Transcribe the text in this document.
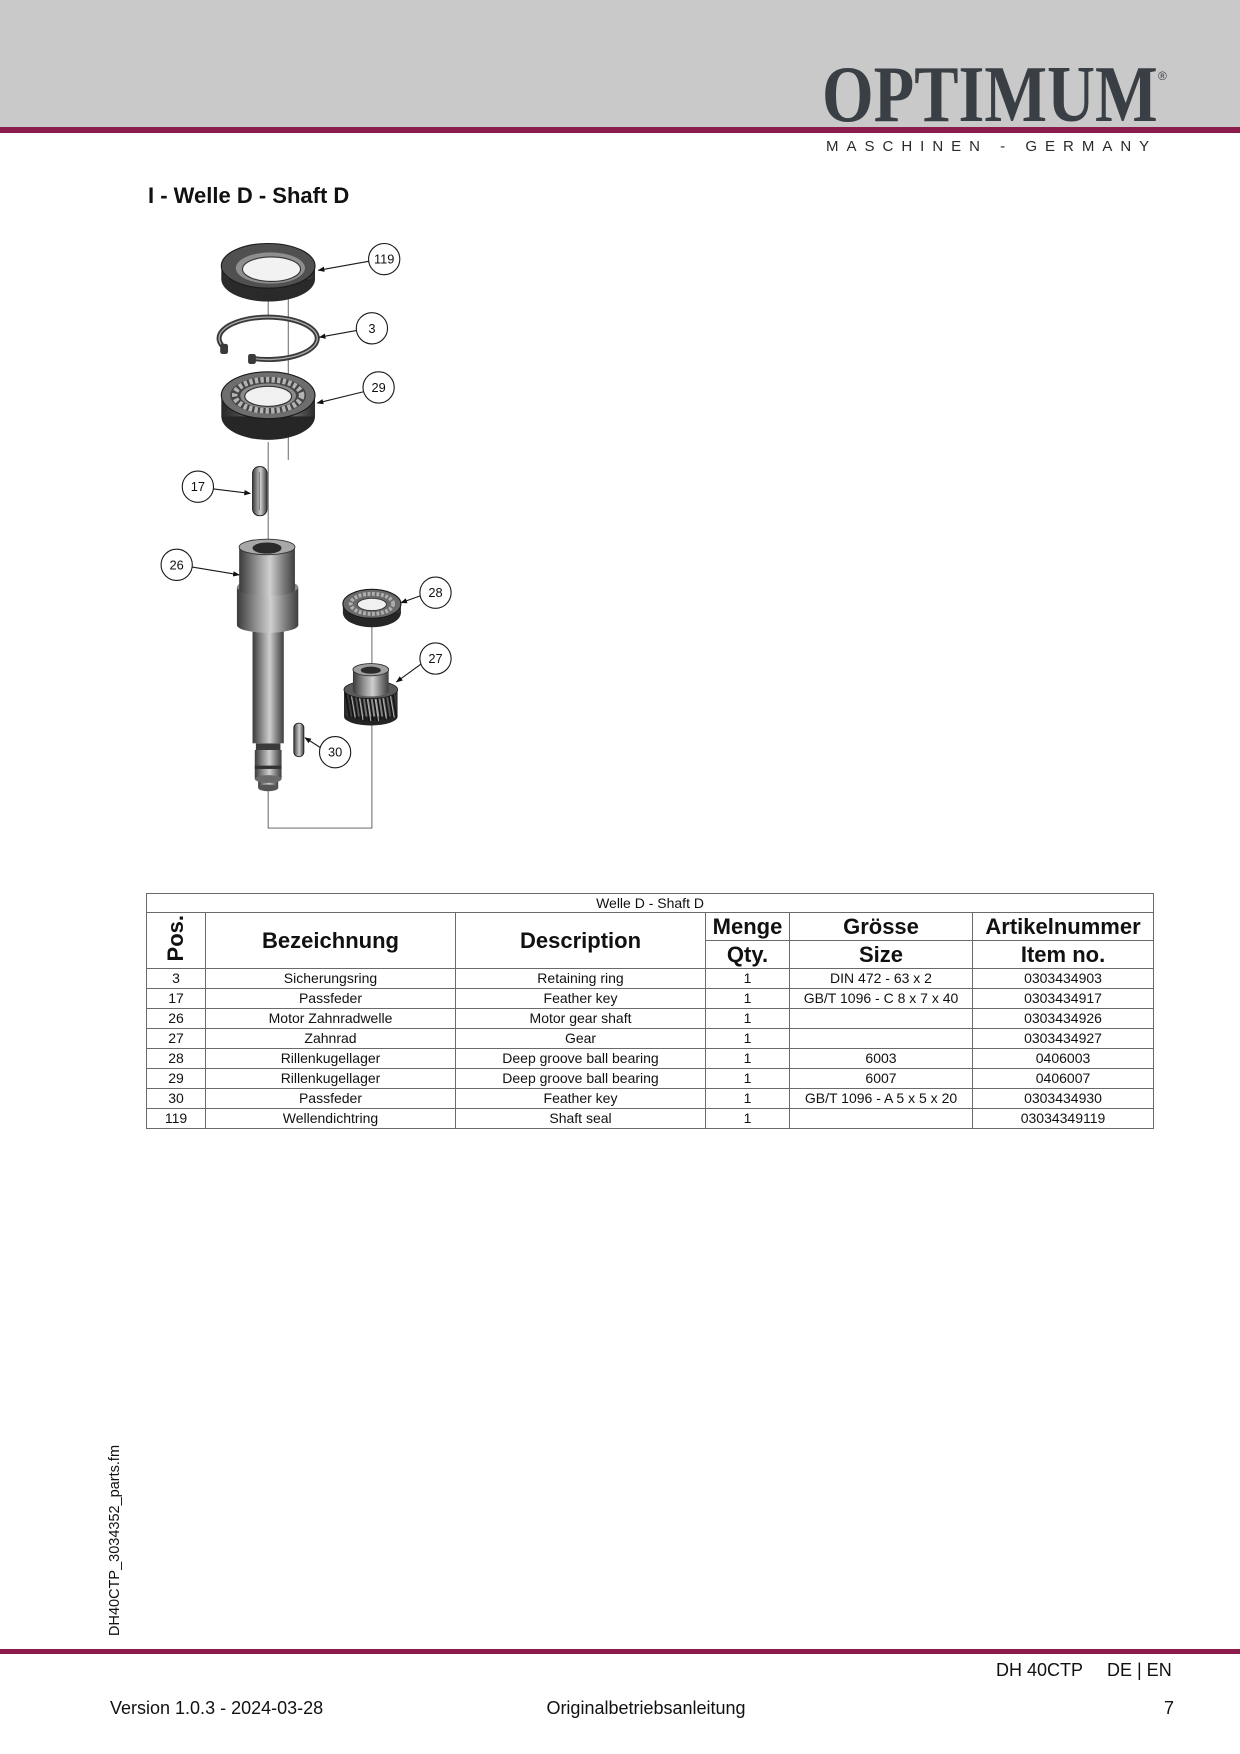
OPTIMUM ®
MASCHINEN - GERMANY
I - Welle D - Shaft D
119
3
29
17
26
28
27
30
Welle D - Shaft D					
Pos.	Bezeichnung	Description	Menge	Grösse	Artikelnummer
			Qty.	Size	Item no.
3	Sicherungsring	Retaining ring	1	DIN 472 - 63 x 2	0303434903
17	Passfeder	Feather key	1	GB/T 1096 - C 8 x 7 x 40	0303434917
26	Motor Zahnradwelle	Motor gear shaft	1		0303434926
27	Zahnrad	Gear	1		0303434927
28	Rillenkugellager	Deep groove ball bearing	1	6003	0406003
29	Rillenkugellager	Deep groove ball bearing	1	6007	0406007
30	Passfeder	Feather key	1	GB/T 1096 - A 5 x 5 x 20	0303434930
119	Wellendichtring	Shaft seal	1		03034349119
DH40CTP_3034352_parts.fm
DH 40CTP DE | EN
Version 1.0.3 - 2024-03-28	Originalbetriebsanleitung	7
